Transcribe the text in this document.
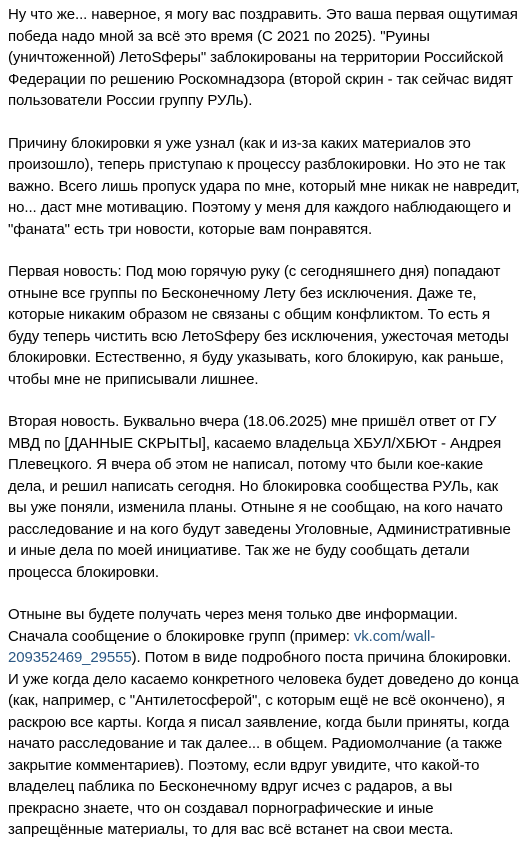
Ну что же... наверное, я могу вас поздравить. Это ваша первая ощутимая победа надо мной за всё это время (С 2021 по 2025). "Руины (уничтоженной) ЛетоSферы" заблокированы на территории Российской Федерации по решению Роскомнадзора (второй скрин - так сейчас видят пользователи России группу РУЛь).

Причину блокировки я уже узнал (как и из-за каких материалов это произошло), теперь приступаю к процессу разблокировки. Но это не так важно. Всего лишь пропуск удара по мне, который мне никак не навредит, но... даст мне мотивацию. Поэтому у меня для каждого наблюдающего и "фаната" есть три новости, которые вам понравятся.

Первая новость: Под мою горячую руку (с сегодняшнего дня) попадают отныне все группы по Бесконечному Лету без исключения. Даже те, которые никаким образом не связаны с общим конфликтом. То есть я буду теперь чистить всю ЛетоSферу без исключения, ужесточая методы блокировки. Естественно, я буду указывать, кого блокирую, как раньше, чтобы мне не приписывали лишнее.

Вторая новость. Буквально вчера (18.06.2025) мне пришёл ответ от ГУ МВД по [ДАННЫЕ СКРЫТЫ], касаемо владельца ХБУЛ/ХБЮт - Андрея Плевецкого. Я вчера об этом не написал, потому что были кое-какие дела, и решил написать сегодня. Но блокировка сообщества РУЛь, как вы уже поняли, изменила планы. Отныне я не сообщаю, на кого начато расследование и на кого будут заведены Уголовные, Административные и иные дела по моей инициативе. Так же не буду сообщать детали процесса блокировки.

Отныне вы будете получать через меня только две информации. Сначала сообщение о блокировке групп (пример: vk.com/wall-209352469_29555). Потом в виде подробного поста причина блокировки. И уже когда дело касаемо конкретного человека будет доведено до конца (как, например, с "Антилетосферой", с которым ещё не всё окончено), я раскрою все карты. Когда я писал заявление, когда были приняты, когда начато расследование и так далее... в общем. Радиомолчание (а также закрытие комментариев). Поэтому, если вдруг увидите, что какой-то владелец паблика по Бесконечному вдруг исчез с радаров, а вы прекрасно знаете, что он создавал порнографические и иные запрещённые материалы, то для вас всё встанет на свои места.
